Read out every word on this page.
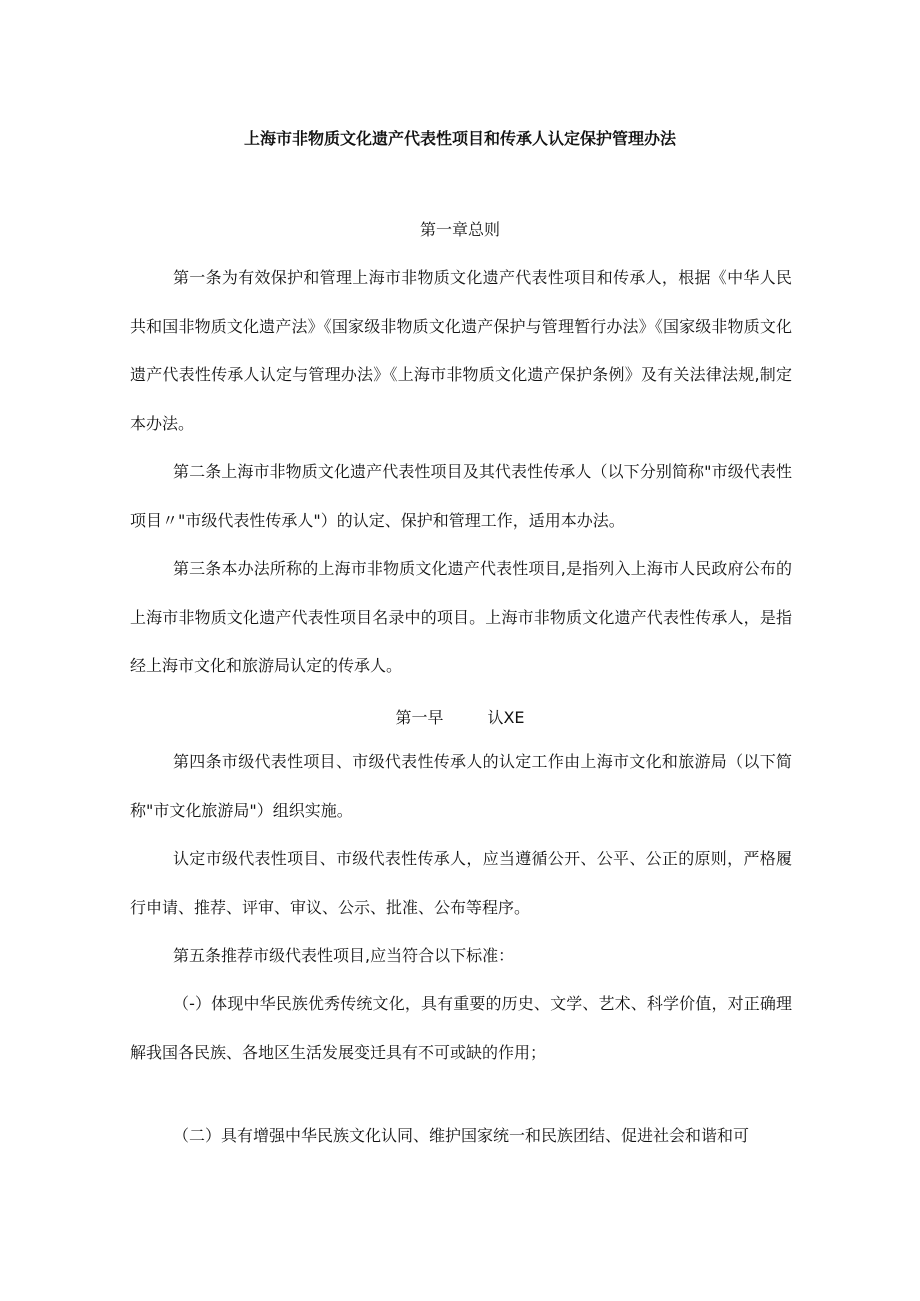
上海市非物质文化遗产代表性项目和传承人认定保护管理办法
第一章总则
第一条为有效保护和管理上海市非物质文化遗产代表性项目和传承人，根据《中华人民共和国非物质文化遗产法》《国家级非物质文化遗产保护与管理暂行办法》《国家级非物质文化遗产代表性传承人认定与管理办法》《上海市非物质文化遗产保护条例》及有关法律法规,制定本办法。
第二条上海市非物质文化遗产代表性项目及其代表性传承人（以下分别简称"市级代表性项目〃"市级代表性传承人"）的认定、保护和管理工作，适用本办法。
第三条本办法所称的上海市非物质文化遗产代表性项目,是指列入上海市人民政府公布的上海市非物质文化遗产代表性项目名录中的项目。上海市非物质文化遗产代表性传承人，是指经上海市文化和旅游局认定的传承人。
第一早	认XE
第四条市级代表性项目、市级代表性传承人的认定工作由上海市文化和旅游局（以下简称"市文化旅游局"）组织实施。
认定市级代表性项目、市级代表性传承人，应当遵循公开、公平、公正的原则，严格履行申请、推荐、评审、审议、公示、批准、公布等程序。
第五条推荐市级代表性项目,应当符合以下标准：
（-）体现中华民族优秀传统文化，具有重要的历史、文学、艺术、科学价值，对正确理解我国各民族、各地区生活发展变迁具有不可或缺的作用；
（二）具有增强中华民族文化认同、维护国家统一和民族团结、促进社会和谐和可
